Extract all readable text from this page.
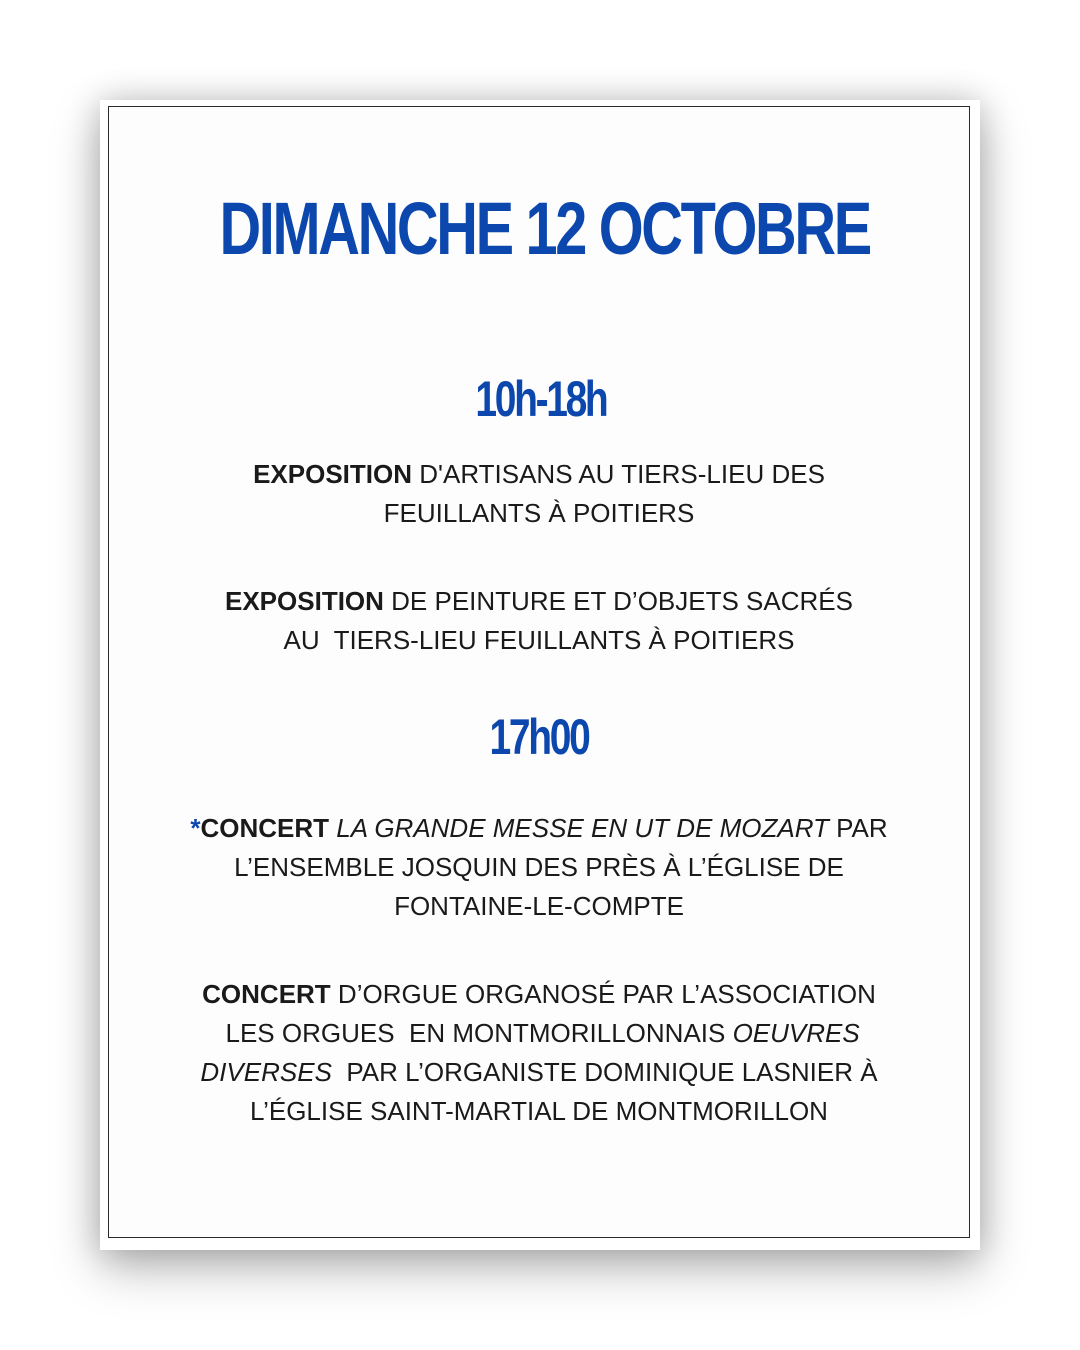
DIMANCHE 12 OCTOBRE
10h-18h

EXPOSITION D'ARTISANS AU TIERS-LIEU DES
FEUILLANTS À POITIERS

EXPOSITION DE PEINTURE ET D’OBJETS SACRÉS
AU  TIERS-LIEU FEUILLANTS À POITIERS

17h00

*CONCERT LA GRANDE MESSE EN UT DE MOZART PAR
L’ENSEMBLE JOSQUIN DES PRÈS À L’ÉGLISE DE
FONTAINE-LE-COMPTE

CONCERT D’ORGUE ORGANOSÉ PAR L’ASSOCIATION
LES ORGUES  EN MONTMORILLONNAIS OEUVRES
DIVERSES  PAR L’ORGANISTE DOMINIQUE LASNIER À
L’ÉGLISE SAINT-MARTIAL DE MONTMORILLON
